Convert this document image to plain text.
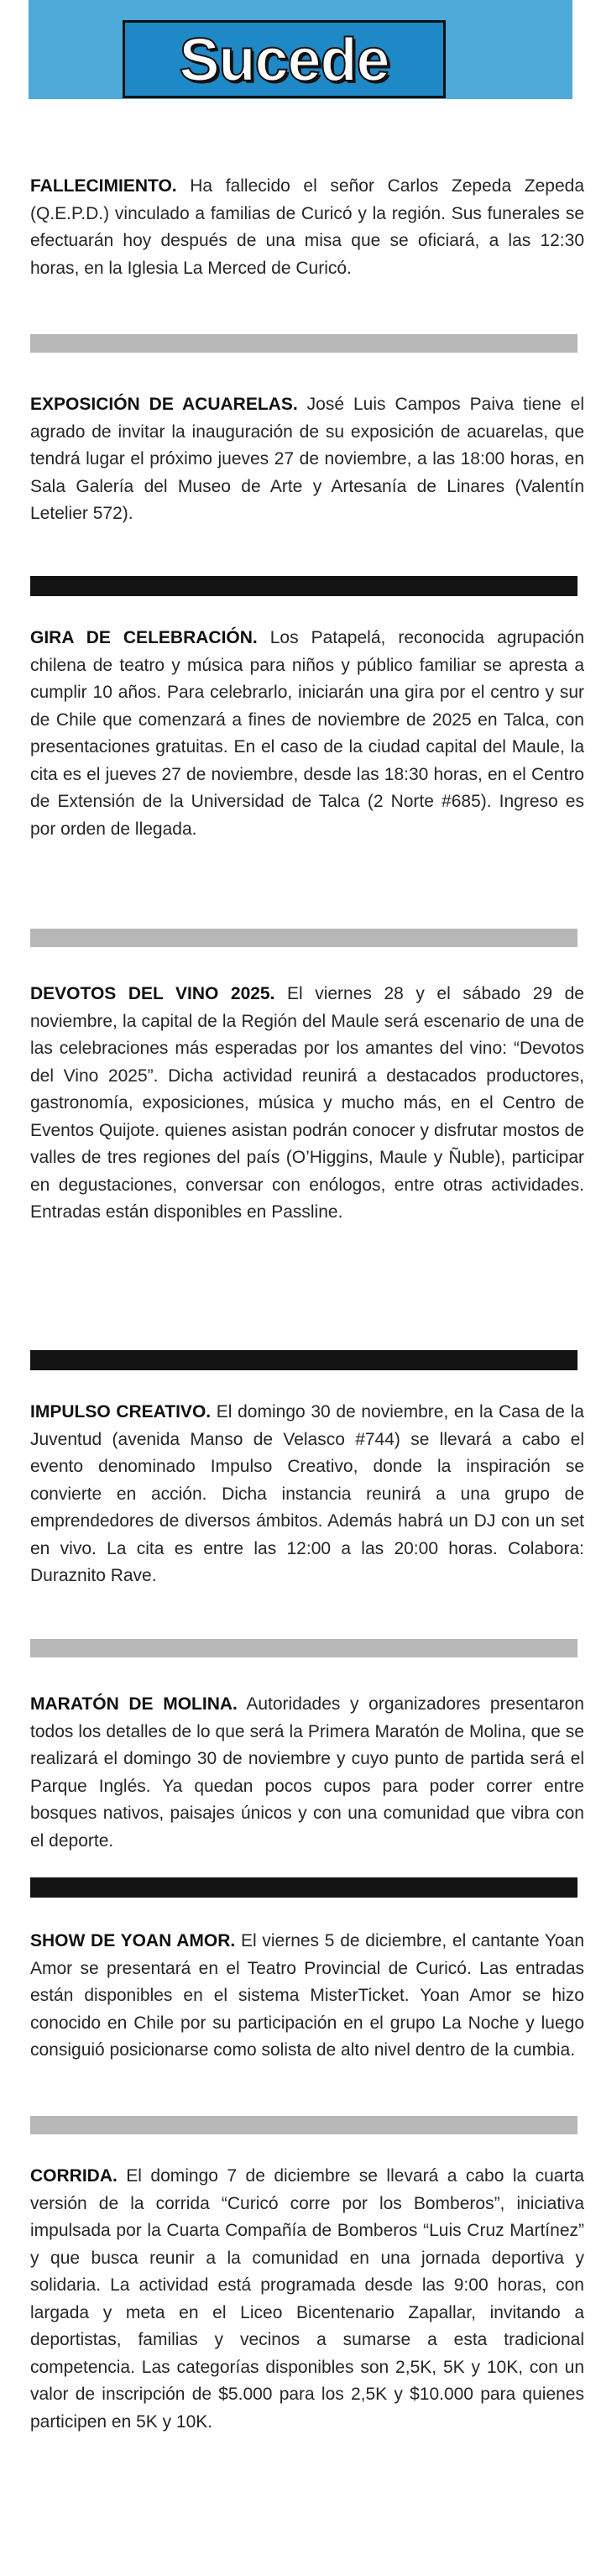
Sucede

FALLECIMIENTO. Ha fallecido el señor Carlos Zepeda Zepeda (Q.E.P.D.) vinculado a familias de Curicó y la región. Sus funerales se efectuarán hoy después de una misa que se oficiará, a las 12:30 horas, en la Iglesia La Merced de Curicó.

EXPOSICIÓN DE ACUARELAS. José Luis Campos Paiva tiene el agrado de invitar la inauguración de su exposición de acuarelas, que tendrá lugar el próximo jueves 27 de noviembre, a las 18:00 horas, en Sala Galería del Museo de Arte y Artesanía de Linares (Valentín Letelier 572).

GIRA DE CELEBRACIÓN. Los Patapelá, reconocida agrupación chilena de teatro y música para niños y público familiar se apresta a cumplir 10 años. Para celebrarlo, iniciarán una gira por el centro y sur de Chile que comenzará a fines de noviembre de 2025 en Talca, con presentaciones gratuitas. En el caso de la ciudad capital del Maule, la cita es el jueves 27 de noviembre, desde las 18:30 horas, en el Centro de Extensión de la Universidad de Talca (2 Norte #685). Ingreso es por orden de llegada.

DEVOTOS DEL VINO 2025. El viernes 28 y el sábado 29 de noviembre, la capital de la Región del Maule será escenario de una de las celebraciones más esperadas por los amantes del vino: “Devotos del Vino 2025”. Dicha actividad reunirá a destacados productores, gastronomía, exposiciones, música y mucho más, en el Centro de Eventos Quijote. quienes asistan podrán conocer y disfrutar mostos de valles de tres regiones del país (O’Higgins, Maule y Ñuble), participar en degustaciones, conversar con enólogos, entre otras actividades. Entradas están disponibles en Passline.

IMPULSO CREATIVO. El domingo 30 de noviembre, en la Casa de la Juventud (avenida Manso de Velasco #744) se llevará a cabo el evento denominado Impulso Creativo, donde la inspiración se convierte en acción. Dicha instancia reunirá a una grupo de emprendedores de diversos ámbitos. Además habrá un DJ con un set en vivo. La cita es entre las 12:00 a las 20:00 horas. Colabora: Duraznito Rave.

MARATÓN DE MOLINA. Autoridades y organizadores presentaron todos los detalles de lo que será la Primera Maratón de Molina, que se realizará el domingo 30 de noviembre y cuyo punto de partida será el Parque Inglés. Ya quedan pocos cupos para poder correr entre bosques nativos, paisajes únicos y con una comunidad que vibra con el deporte.

SHOW DE YOAN AMOR. El viernes 5 de diciembre, el cantante Yoan Amor se presentará en el Teatro Provincial de Curicó. Las entradas están disponibles en el sistema MisterTicket. Yoan Amor se hizo conocido en Chile por su participación en el grupo La Noche y luego consiguió posicionarse como solista de alto nivel dentro de la cumbia.

CORRIDA. El domingo 7 de diciembre se llevará a cabo la cuarta versión de la corrida “Curicó corre por los Bomberos”, iniciativa impulsada por la Cuarta Compañía de Bomberos “Luis Cruz Martínez” y que busca reunir a la comunidad en una jornada deportiva y solidaria. La actividad está programada desde las 9:00 horas, con largada y meta en el Liceo Bicentenario Zapallar, invitando a deportistas, familias y vecinos a sumarse a esta tradicional competencia. Las categorías disponibles son 2,5K, 5K y 10K, con un valor de inscripción de $5.000 para los 2,5K y $10.000 para quienes participen en 5K y 10K.
